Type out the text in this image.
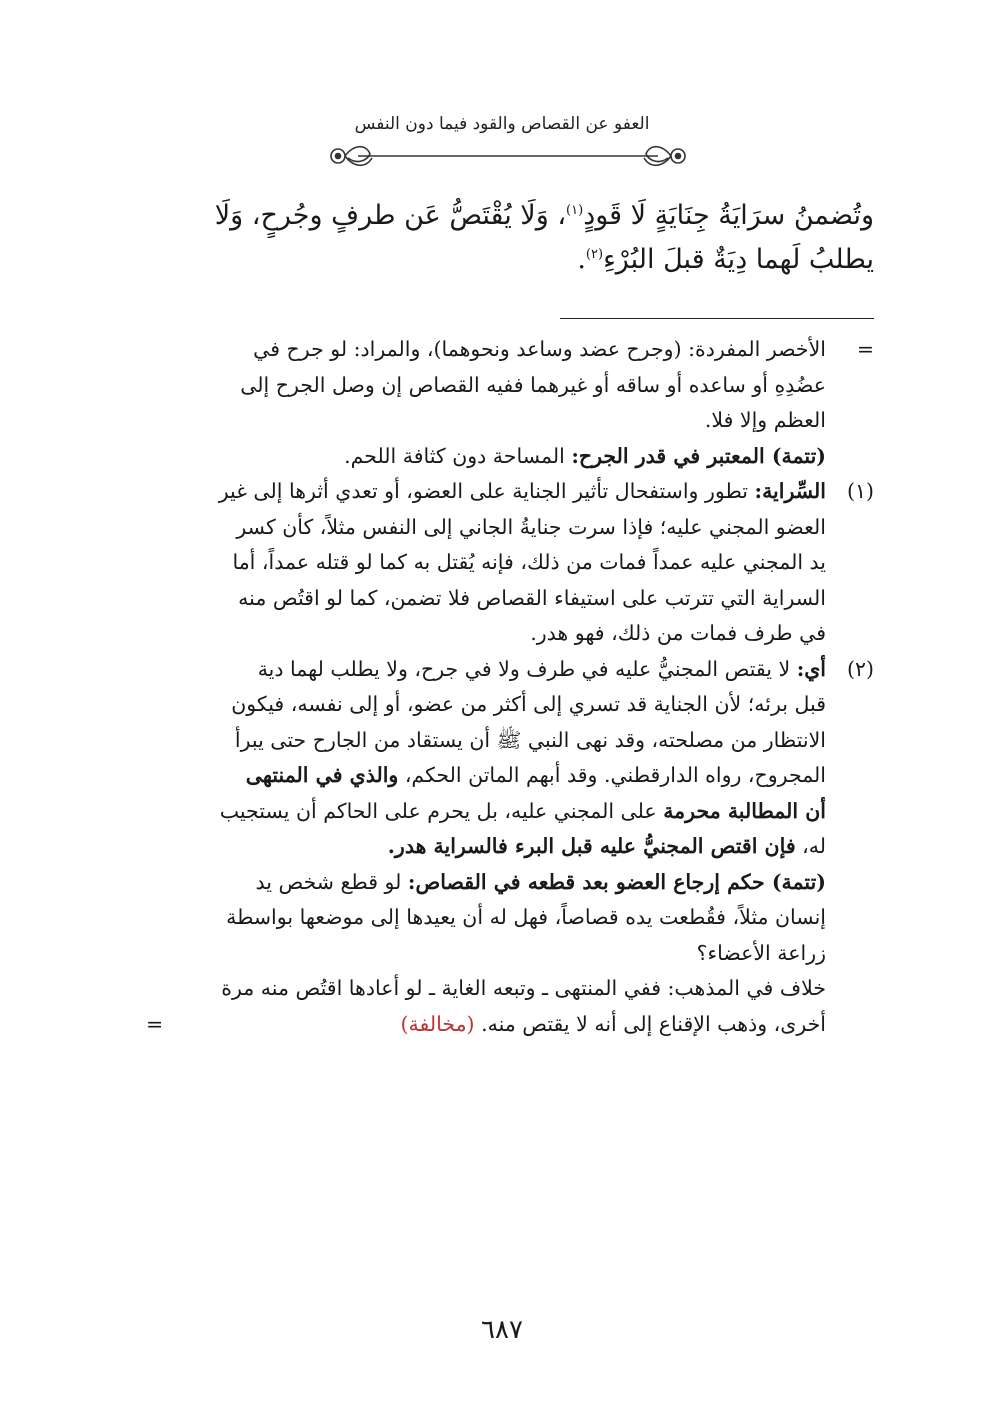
العفو عن القصاص والقود فيما دون النفس
وتُضمنُ سرَايَةُ جِنَايَةٍ لَا قَودٍ$^{(١)}$، وَلَا يُقْتَصُّ عَن طرفٍ وجُرحٍ، وَلَا
يطلبُ لَهما دِيَةٌ قبلَ البُرْءِ$^{(٢)}$.
=
الأخصر المفردة: (وجرح عضد وساعد ونحوهما)، والمراد: لو جرح في
عضُدِهِ أو ساعده أو ساقه أو غيرهما ففيه القصاص إن وصل الجرح إلى
العظم وإلا فلا.
(تتمة) المعتبر في قدر الجرح: المساحة دون كثافة اللحم.
(١)
السِّراية: تطور واستفحال تأثير الجناية على العضو، أو تعدي أثرها إلى غير
العضو المجني عليه؛ فإذا سرت جنايةُ الجاني إلى النفس مثلاً، كأن كسر
يد المجني عليه عمداً فمات من ذلك، فإنه يُقتل به كما لو قتله عمداً، أما
السراية التي تترتب على استيفاء القصاص فلا تضمن، كما لو اقتُص منه
في طرف فمات من ذلك، فهو هدر.
(٢)
أي: لا يقتص المجنيُّ عليه في طرف ولا في جرح، ولا يطلب لهما دية
قبل برئه؛ لأن الجناية قد تسري إلى أكثر من عضو، أو إلى نفسه، فيكون
الانتظار من مصلحته، وقد نهى النبي ﷺ أن يستقاد من الجارح حتى يبرأ
المجروح، رواه الدارقطني. وقد أبهم الماتن الحكم، والذي في المنتهى
أن المطالبة محرمة على المجني عليه، بل يحرم على الحاكم أن يستجيب
له، فإن اقتص المجنيُّ عليه قبل البرء فالسراية هدر.
(تتمة) حكم إرجاع العضو بعد قطعه في القصاص: لو قطع شخص يد
إنسان مثلاً، فقُطعت يده قصاصاً، فهل له أن يعيدها إلى موضعها بواسطة
زراعة الأعضاء؟
خلاف في المذهب: ففي المنتهى ـ وتبعه الغاية ـ لو أعادها اقتُص منه مرة
أخرى، وذهب الإقناع إلى أنه لا يقتص منه. (مخالفة)
=
٦٨٧
